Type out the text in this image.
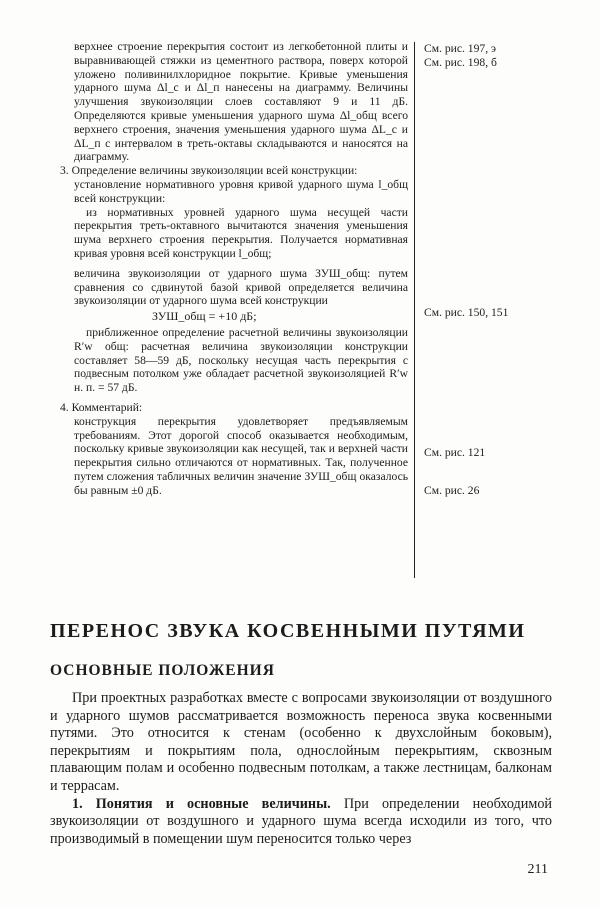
верхнее строение перекрытия состоит из легкобетонной плиты и выравнивающей стяжки из цементного раствора, поверх которой уложено поливинилхлоридное покрытие. Кривые уменьшения ударного шума Δl_c и Δl_п нанесены на диаграмму. Величины улучшения звукоизоляции слоев составляют 9 и 11 дБ. Определяются кривые уменьшения ударного шума Δl_общ всего верхнего строения, значения уменьшения ударного шума ΔL_c и ΔL_п с интервалом в треть-октавы складываются и наносятся на диаграмму.

3. Определение величины звукоизоляции всей конструкции:

установление нормативного уровня кривой ударного шума l_общ всей конструкции:

из нормативных уровней ударного шума несущей части перекрытия треть-октавного вычитаются значения уменьшения шума верхнего строения перекрытия. Получается нормативная кривая уровня всей конструкции l_общ;

величина звукоизоляции от ударного шума ЗУШ_общ: путем сравнения со сдвинутой базой кривой определяется величина звукоизоляции от ударного шума всей конструкции

ЗУШ_общ = +10 дБ;

приближенное определение расчетной величины звукоизоляции R′w общ: расчетная величина звукоизоляции конструкции составляет 58—59 дБ, поскольку несущая часть перекрытия с подвесным потолком уже обладает расчетной звукоизоляцией R′w н. п. = 57 дБ.

4. Комментарий:

конструкция перекрытия удовлетворяет предъявляемым требованиям. Этот дорогой способ оказывается необходимым, поскольку кривые звукоизоляции как несущей, так и верхней части перекрытия сильно отличаются от нормативных. Так, полученное путем сложения табличных величин значение ЗУШ_общ оказалось бы равным ±0 дБ.

См. рис. 197, э
См. рис. 198, б
См. рис. 150, 151
См. рис. 121
См. рис. 26
ПЕРЕНОС ЗВУКА КОСВЕННЫМИ ПУТЯМИ
ОСНОВНЫЕ ПОЛОЖЕНИЯ

При проектных разработках вместе с вопросами звукоизоляции от воздушного и ударного шумов рассматривается возможность переноса звука косвенными путями. Это относится к стенам (особенно к двухслойным боковым), перекрытиям и покрытиям пола, однослойным перекрытиям, сквозным плавающим полам и особенно подвесным потолкам, а также лестницам, балконам и террасам.

1. Понятия и основные величины. При определении необходимой звукоизоляции от воздушного и ударного шума всегда исходили из того, что производимый в помещении шум переносится только через

211
